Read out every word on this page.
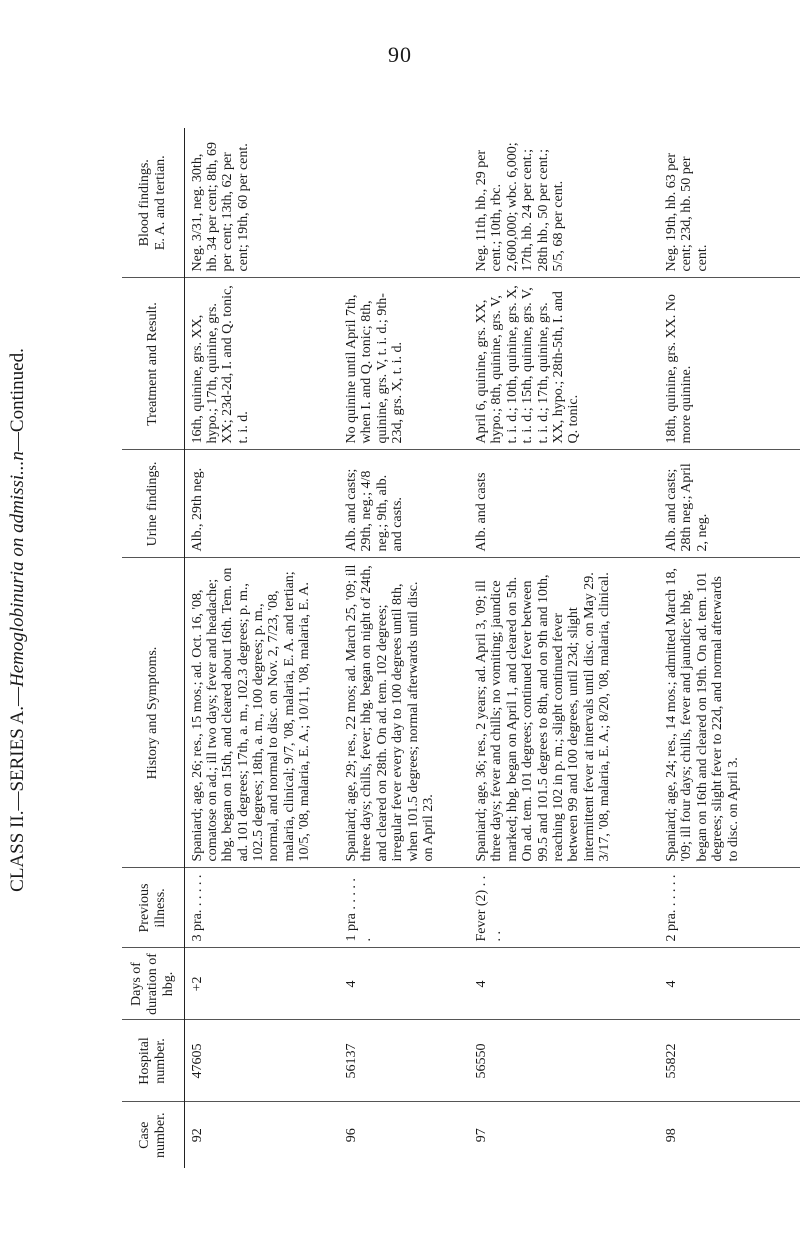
90
CLASS II.—SERIES A.—Hemoglobinuria on admissi...n—Continued.
Case number.	Hospital number.	Days of duration of hbg.	Previous illness.	History and Symptoms.	Urine findings.	Treatment and Result.	Blood findings. E. A. and tertian.

92	47605	+2	3 pra. . . . . .	Spaniard; age, 26; res., 15 mos.; ad. Oct. 16, '08, comatose on ad.; ill two days; fever and headache; hbg. began on 15th, and cleared about 16th. Tem. on ad. 101 degrees; 17th, a. m., 102.3 degrees; p. m., 102.5 degrees; 18th, a. m., 100 degrees; p. m., normal, and normal to disc. on Nov. 2, 7/23, '08, malaria, clinical; 9/7, '08, malaria, E. A. and tertian; 10/5, '08, malaria, E. A.; 10/11, '08, malaria, E. A.	Alb., 29th neg.	16th, quinine, grs. XX, hypo.; 17th, quinine, grs. XX; 23d-2d, I. and Q. tonic, t. i. d.	Neg. 3/31, neg. 30th, hb. 34 per cent; 8th, 69 per cent; 13th, 62 per cent; 19th, 60 per cent.
96	56137	4	1 pra . . . . . .	Spaniard; age, 29; res., 22 mos; ad. March 25, '09; ill three days; chills, fever; hbg. began on night of 24th, and cleared on 28th. On ad. tem. 102 degrees; irregular fever every day to 100 degrees until 8th, when 101.5 degrees; normal afterwards until disc. on April 23.	Alb. and casts; 29th, neg.; 4/8 neg.; 9th, alb. and casts.	No quinine until April 7th, when I. and Q. tonic; 8th, quinine, grs. V, t. i. d.; 9th-23d, grs. X, t. i. d.	
97	56550	4	Fever (2) . . . .	Spaniard; age, 36; res., 2 years; ad. April 3, '09; ill three days; fever and chills; no vomiting; jaundice marked; hbg. began on April 1, and cleared on 5th. On ad. tem. 101 degrees; continued fever between 99.5 and 101.5 degrees to 8th, and on 9th and 10th, reaching 102 in p. m.; slight continued fever between 99 and 100 degrees, until 23d; slight intermittent fever at intervals until disc. on May 29. 3/17, '08, malaria, E. A.; 8/20, '08, malaria, clinical.	Alb. and casts	April 6, quinine, grs. XX, hypo.; 8th, quinine, grs. V, t. i. d.; 10th, quinine, grs. X, t. i. d.; 15th, quinine, grs. V, t. i. d.; 17th, quinine, grs. XX, hypo.; 28th-5th, I. and Q. tonic.	Neg. 11th, hb., 29 per cent.; 10th, rbc. 2,600,000; wbc. 6,000; 17th, hb. 24 per cent.; 28th hb., 50 per cent.; 5/5, 68 per cent.
98	55822	4	2 pra. . . . . .	Spaniard; age, 24; res., 14 mos.; admitted March 18, '09; ill four days; chills, fever and jaundice; hbg. began on 16th and cleared on 19th. On ad. tem. 101 degrees; slight fever to 22d, and normal afterwards to disc. on April 3.	Alb. and casts; 28th neg.; April 2, neg.	18th, quinine, grs. XX. No more quinine.	Neg. 19th, hb. 63 per cent; 23d, hb. 50 per cent.
